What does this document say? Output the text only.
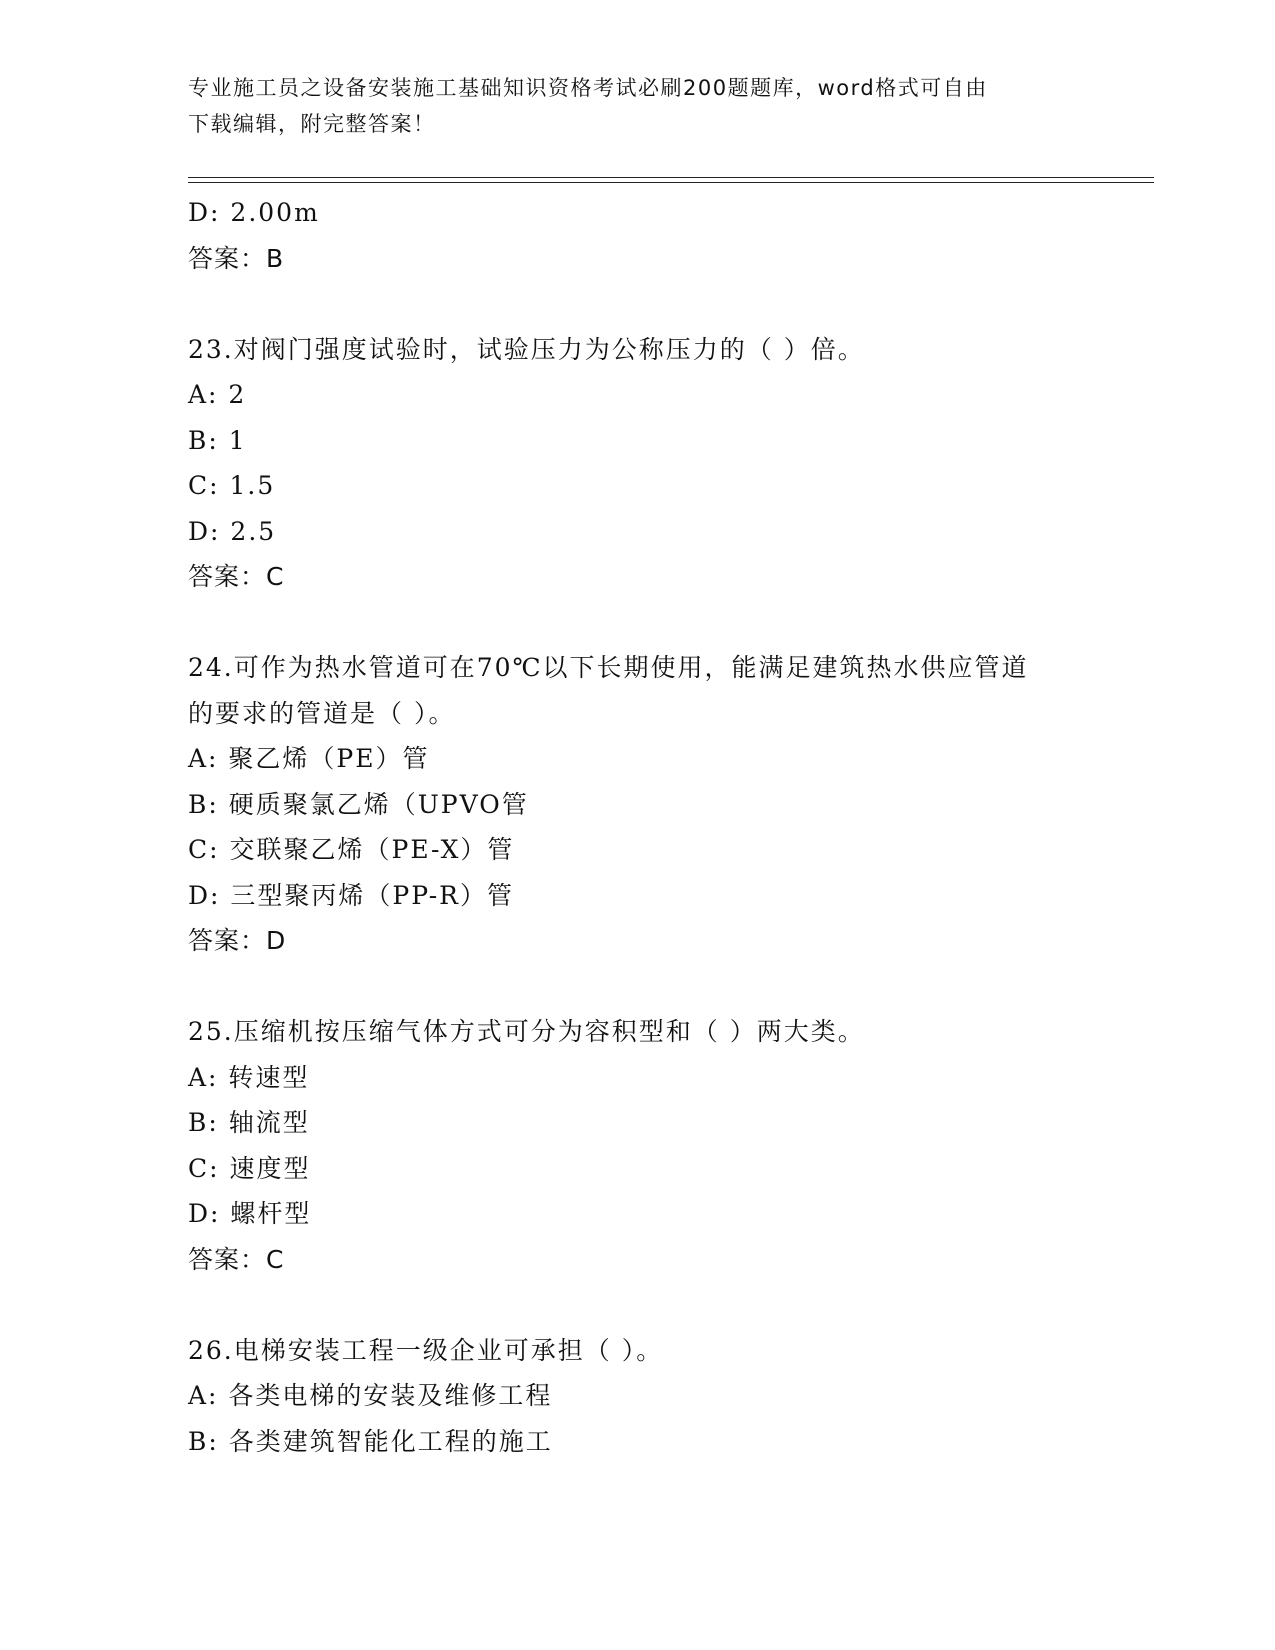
专业施工员之设备安装施工基础知识资格考试必刷200题题库，word格式可自由
下载编辑，附完整答案！
D: 2.00m
答案：B
23.对阀门强度试验时，试验压力为公称压力的（ ）倍。
A: 2
B: 1
C: 1.5
D: 2.5
答案：C
24.可作为热水管道可在70℃以下长期使用，能满足建筑热水供应管道
的要求的管道是（ ）。
A: 聚乙烯（PE）管
B: 硬质聚氯乙烯（UPVO管
C: 交联聚乙烯（PE-X）管
D: 三型聚丙烯（PP-R）管
答案：D
25.压缩机按压缩气体方式可分为容积型和（ ）两大类。
A: 转速型
B: 轴流型
C: 速度型
D: 螺杆型
答案：C
26.电梯安装工程一级企业可承担（ ）。
A: 各类电梯的安装及维修工程
B: 各类建筑智能化工程的施工
